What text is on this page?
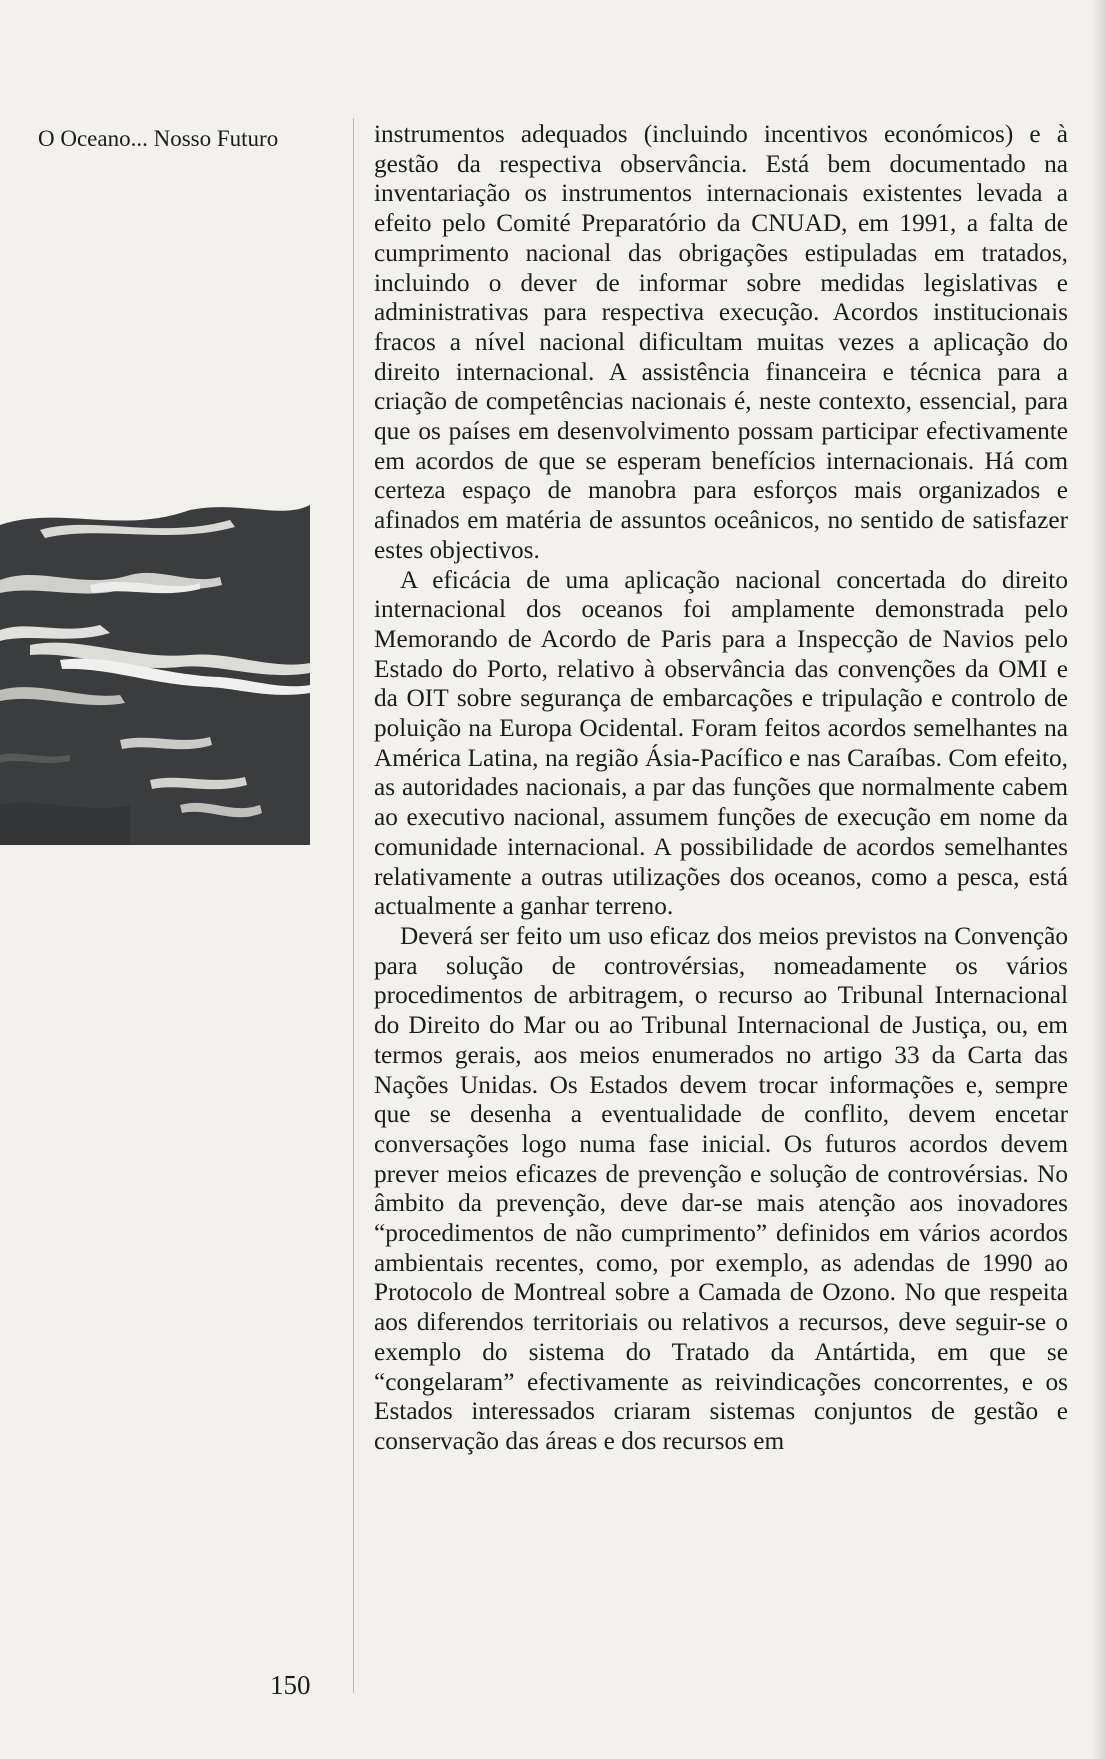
O Oceano... Nosso Futuro
	instrumentos adequados (incluindo incentivos económicos) e à gestão da respectiva observância. Está bem documentado na inventariação os instrumentos internacionais existentes levada a efeito pelo Comité Preparatório da CNUAD, em 1991, a falta de cumprimento nacional das obrigações estipuladas em tratados, incluindo o dever de informar sobre medidas legislativas e administrativas para respectiva execução. Acordos institucionais fracos a nível nacional dificultam muitas vezes a aplicação do direito internacional. A assistência financeira e técnica para a criação de competências nacionais é, neste contexto, essencial, para que os países em desenvolvimento possam participar efectivamente em acordos de que se esperam benefícios internacionais. Há com certeza espaço de manobra para esforços mais organizados e afinados em matéria de assuntos oceânicos, no sentido de satisfazer estes objectivos.

A eficácia de uma aplicação nacional concertada do direito internacional dos oceanos foi amplamente demonstrada pelo Memorando de Acordo de Paris para a Inspecção de Navios pelo Estado do Porto, relativo à observância das convenções da OMI e da OIT sobre segurança de embarcações e tripulação e controlo de poluição na Europa Ocidental. Foram feitos acordos semelhantes na América Latina, na região Ásia-Pacífico e nas Caraíbas. Com efeito, as autoridades nacionais, a par das funções que normalmente cabem ao executivo nacional, assumem funções de execução em nome da comunidade internacional. A possibilidade de acordos semelhantes relativamente a outras utilizações dos oceanos, como a pesca, está actualmente a ganhar terreno.

Deverá ser feito um uso eficaz dos meios previstos na Convenção para solução de controvérsias, nomeadamente os vários procedimentos de arbitragem, o recurso ao Tribunal Internacional do Direito do Mar ou ao Tribunal Internacional de Justiça, ou, em termos gerais, aos meios enumerados no artigo 33 da Carta das Nações Unidas. Os Estados devem trocar informações e, sempre que se desenha a eventualidade de conflito, devem encetar conversações logo numa fase inicial. Os futuros acordos devem prever meios eficazes de prevenção e solução de controvérsias. No âmbito da prevenção, deve dar-se mais atenção aos inovadores “procedimentos de não cumprimento” definidos em vários acordos ambientais recentes, como, por exemplo, as adendas de 1990 ao Protocolo de Montreal sobre a Camada de Ozono. No que respeita aos diferendos territoriais ou relativos a recursos, deve seguir-se o exemplo do sistema do Tratado da Antártida, em que se “congelaram” efectivamente as reivindicações concorrentes, e os Estados interessados criaram sistemas conjuntos de gestão e conservação das áreas e dos recursos em

150
